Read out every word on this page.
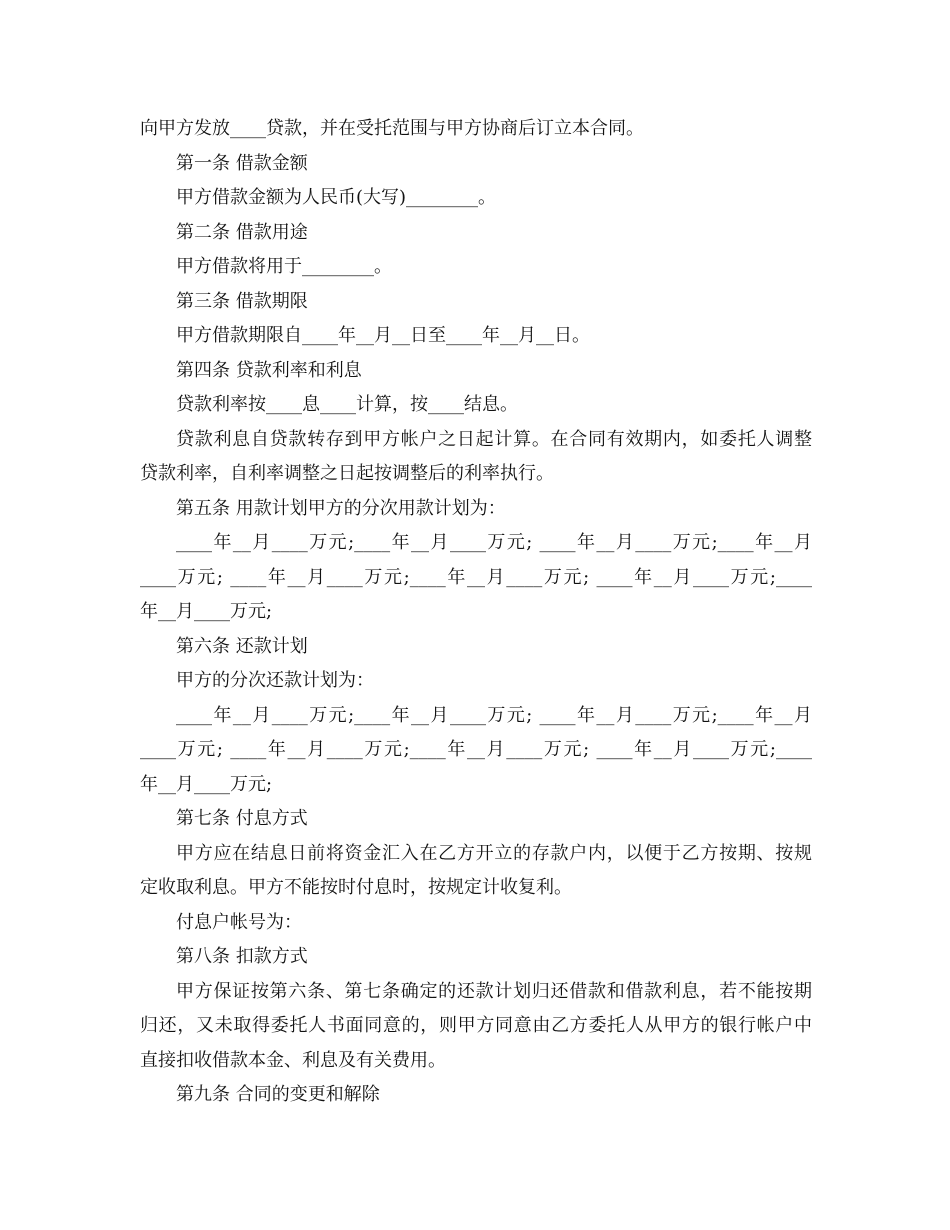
向甲方发放____贷款，并在受托范围与甲方协商后订立本合同。
第一条 借款金额
甲方借款金额为人民币(大写)________。
第二条 借款用途
甲方借款将用于________。
第三条 借款期限
甲方借款期限自____年__月__日至____年__月__日。
第四条 贷款利率和利息
贷款利率按____息____计算，按____结息。
贷款利息自贷款转存到甲方帐户之日起计算。在合同有效期内，如委托人调整
贷款利率，自利率调整之日起按调整后的利率执行。
第五条 用款计划甲方的分次用款计划为：
____年__月____万元;____年__月____万元; ____年__月____万元;____年__月
____万元; ____年__月____万元;____年__月____万元; ____年__月____万元;____
年__月____万元;
第六条 还款计划
甲方的分次还款计划为：
____年__月____万元;____年__月____万元; ____年__月____万元;____年__月
____万元; ____年__月____万元;____年__月____万元; ____年__月____万元;____
年__月____万元;
第七条 付息方式
甲方应在结息日前将资金汇入在乙方开立的存款户内，以便于乙方按期、按规
定收取利息。甲方不能按时付息时，按规定计收复利。
付息户帐号为：
第八条 扣款方式
甲方保证按第六条、第七条确定的还款计划归还借款和借款利息，若不能按期
归还，又未取得委托人书面同意的，则甲方同意由乙方委托人从甲方的银行帐户中
直接扣收借款本金、利息及有关费用。
第九条 合同的变更和解除
